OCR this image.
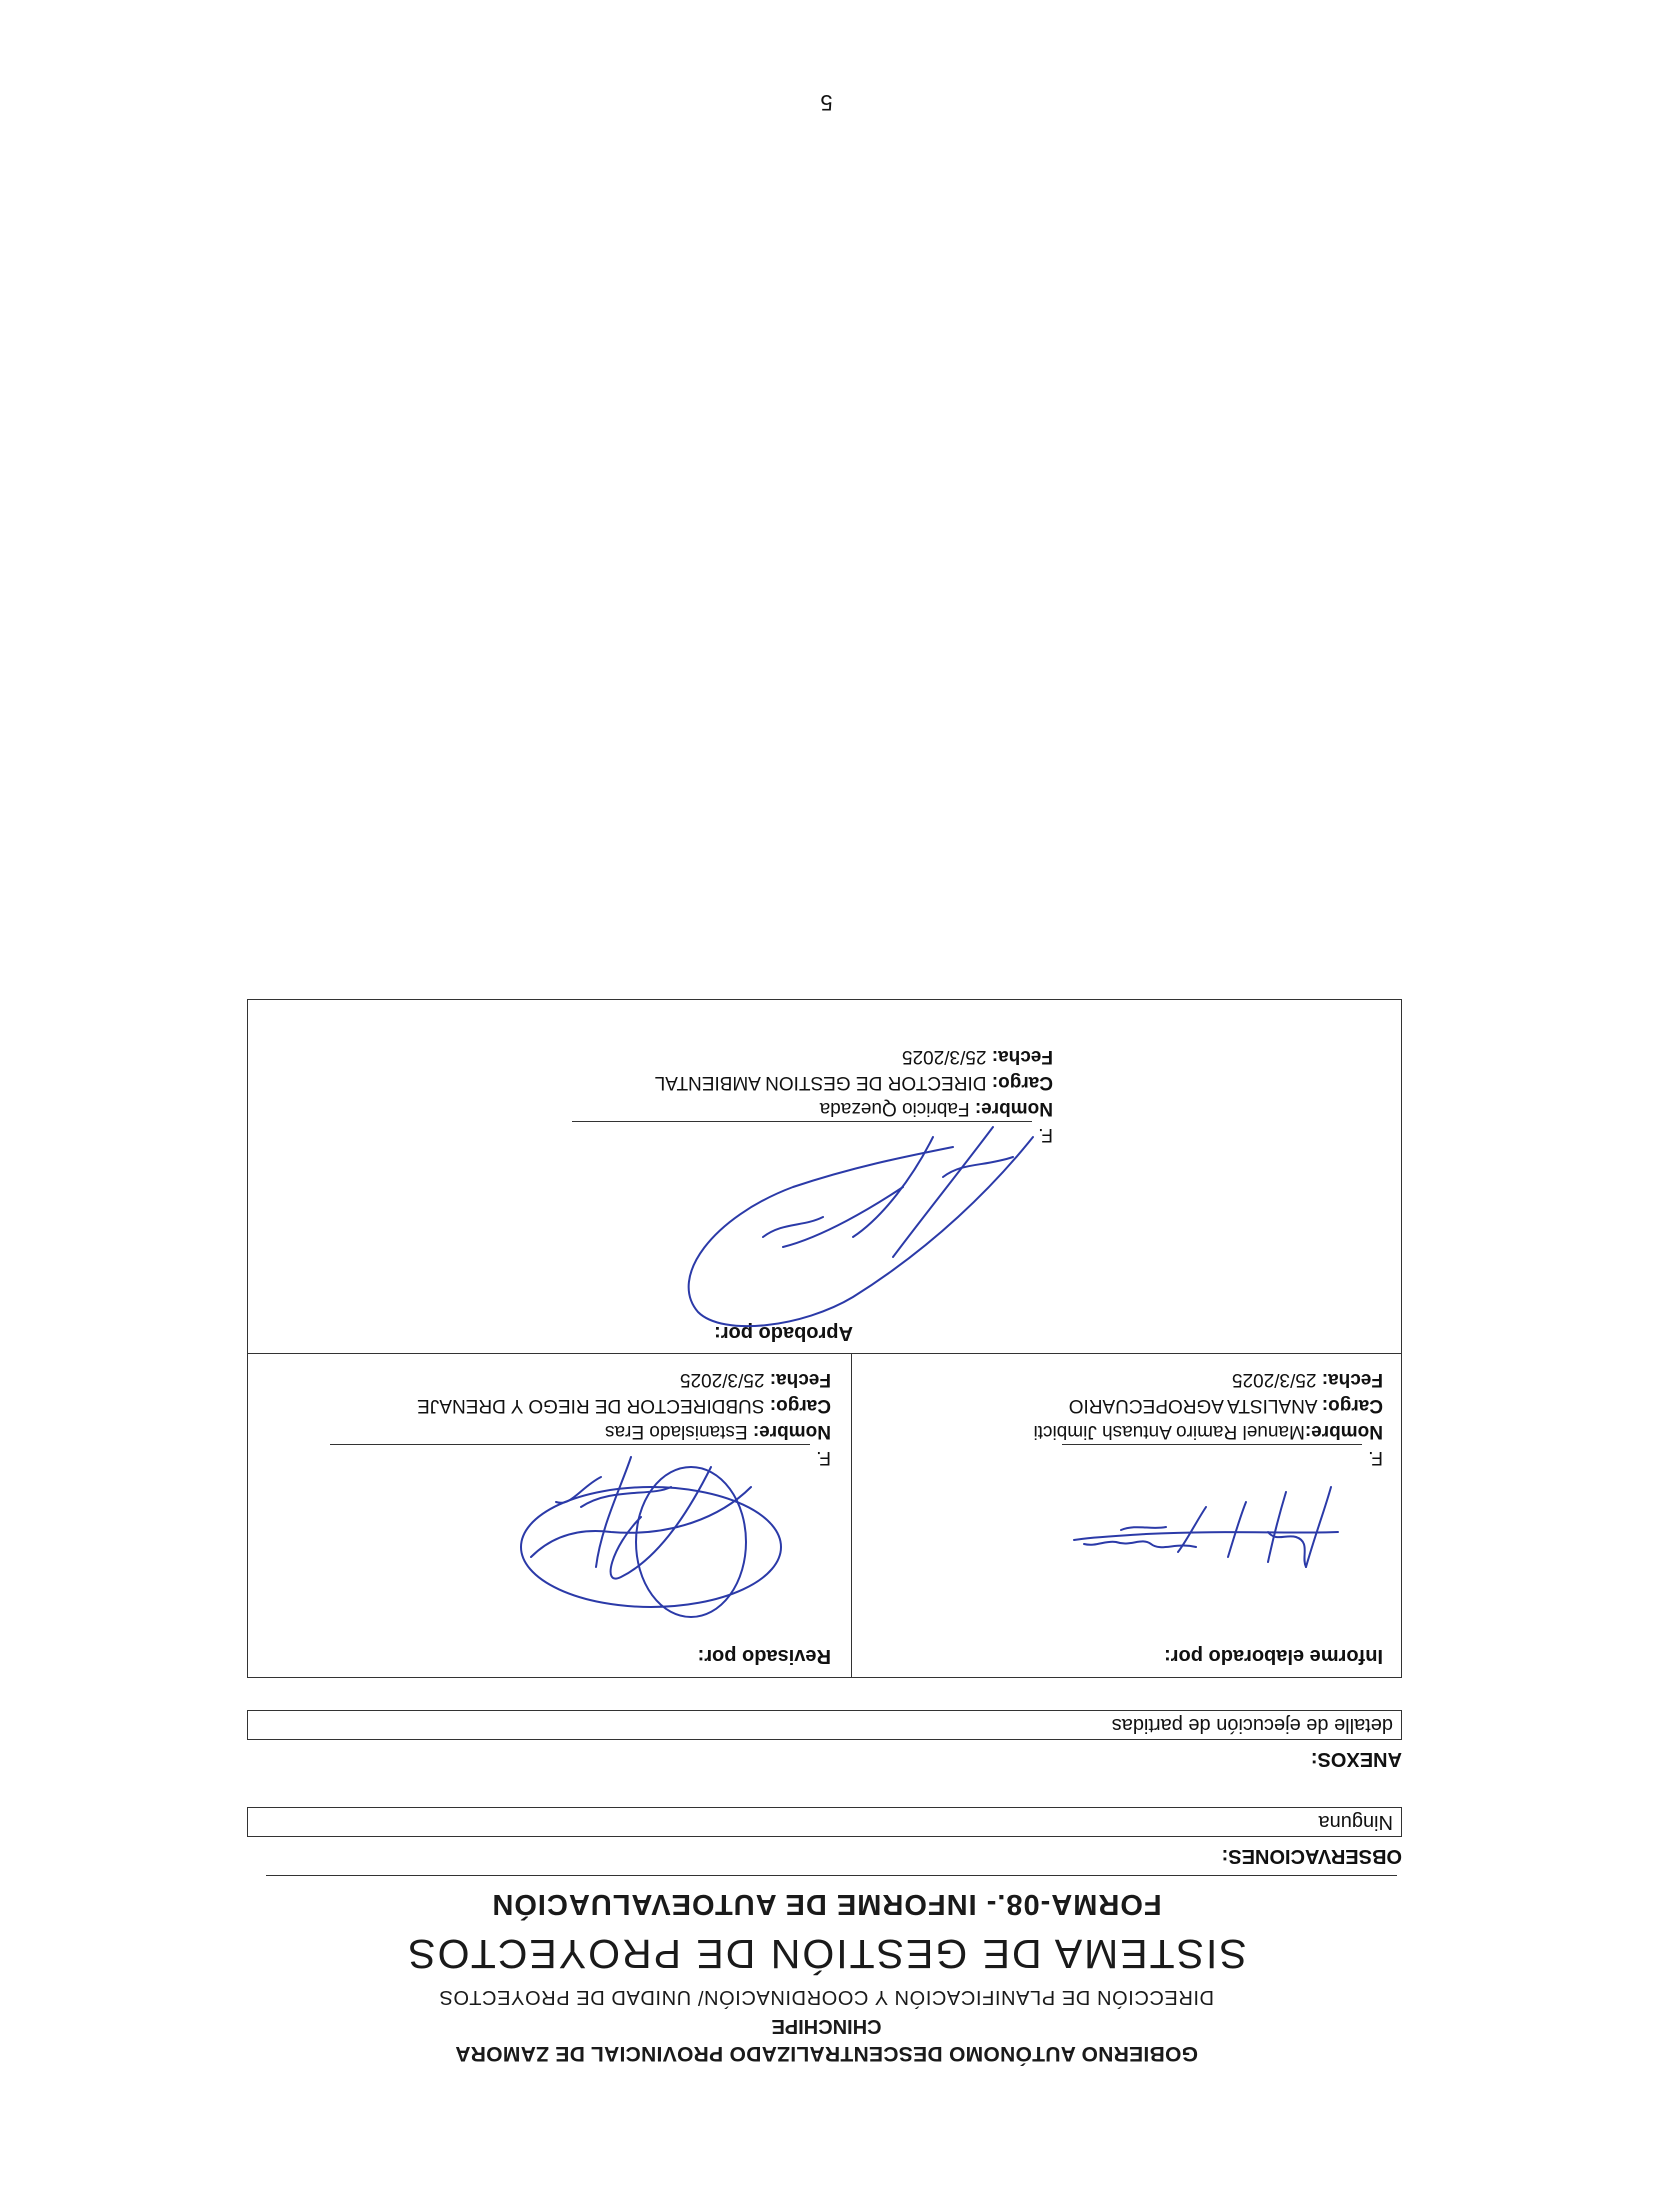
GOBIERNO AUTÓNOMO DESCENTRALIZADO PROVINCIAL DE ZAMORA
CHINCHIPE
DIRECCIÓN DE PLANIFICACIÓN Y COORDINACIÓN/ UNIDAD DE PROYECTOS
SISTEMA DE GESTIÓN DE PROYECTOS
FORMA-08.- INFORME DE AUTOEVALUACIÓN
OBSERVACIONES:
Ninguna
ANEXOS:
detalle de ejecución de partidas
Informe elaborado por:
F.
Nombre:Manuel Ramiro Antuash Jimbicti
Cargo: ANALISTA AGROPECUARIO
Fecha: 25/3/2025
Revisado por:
F.
Nombre: Estanislado Eras
Cargo: SUBDIRECTOR DE RIEGO Y DRENAJE
Fecha: 25/3/2025
Aprobado por:
F.
Nombre: Fabricio Quezada
Cargo: DIRECTOR DE GESTION AMBIENTAL
Fecha: 25/3/2025
5
